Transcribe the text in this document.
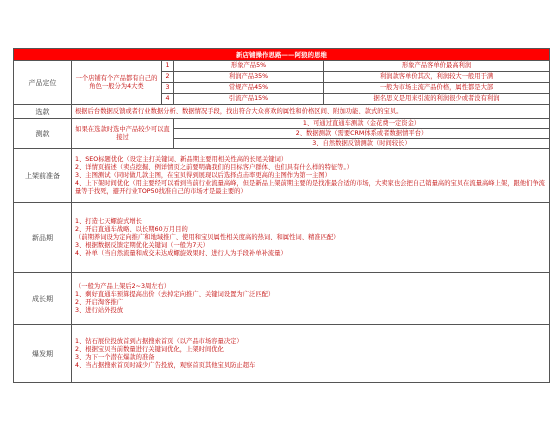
新店铺操作思路——阿狼的思维				
产品定位	一个店铺有个产品都有自己的角色一般分为4大类	1	形象产品5%	形象产品客单价最高利润
		2	利润产品35%	利润款客单价其次，利润较大一般用于满
		3	常规产品45%	一般为市场主流产品价格，属性都是大部
		4	引流产品15%	据名思义是用来引流的利润很少或者没有利润
选款	根据后台数据反馈或者行业数据分析、数据情况手段，找出符合大众喜欢的属性和价格区间、附加功能、款式的宝贝。			
测款	如果在选款时选中产品较少可以直接过		1、可通过直通车测款（金花费一定资金）	
			2、数据测款（需要CRM体系或者数据情平台）	
			3、自然数据反馈测款（时间较长）	
上架前准备	1、SEO标题优化（设定主打关键词、新品期主要用相关性高的长尾关键词）
2、详情页描述（卖点挖掘、例详情页之前要明确我们的目标客户群体、也们具有什么样的特征等。）
3、主图测试（同时做几款主图，在宝贝得到展现以后选择点击率更高的主图作为第一主图）
4、上下架时间优化（用主要经可以看到当前行业流量高峰，但是新品上架前期主要的是找准最合适的市场，大卖家也会把自己销量高的宝贝在流量高峰上架，跟他们争流量等于找死，避开行业TOP50找准自己的市场才是最主要的）			
新品期	1、打造七天螺旋式增长
2、开启直通车战略、以长期60万月目的
（前期养词设为定向推广和地域推广、使用和宝贝属性相关度高的热词、和属性词、精准匹配）
3、根据数据反馈定期优化关键词（一般为7天）
4、补单（当自然流量和成交未达成螺旋效果时、进行人为手段补单补流量）			
成长期	（一般为产品上架后2~3周左右）
1、剩好直通车预算提高出价（去掉定向推广、关键词设置为广泛匹配）
2、开启淘客推广
3、进行站外投放			
爆发期	1、钻石展位投放首到占据搜索首页（以产品市场容量决定）
2、根据宝贝当前数量进行关键词优化，上架时间优化
3、为下一个潜在爆款的准备
4、当占据搜索首页时减少广告投放，观察首页其他宝贝防止超车			
